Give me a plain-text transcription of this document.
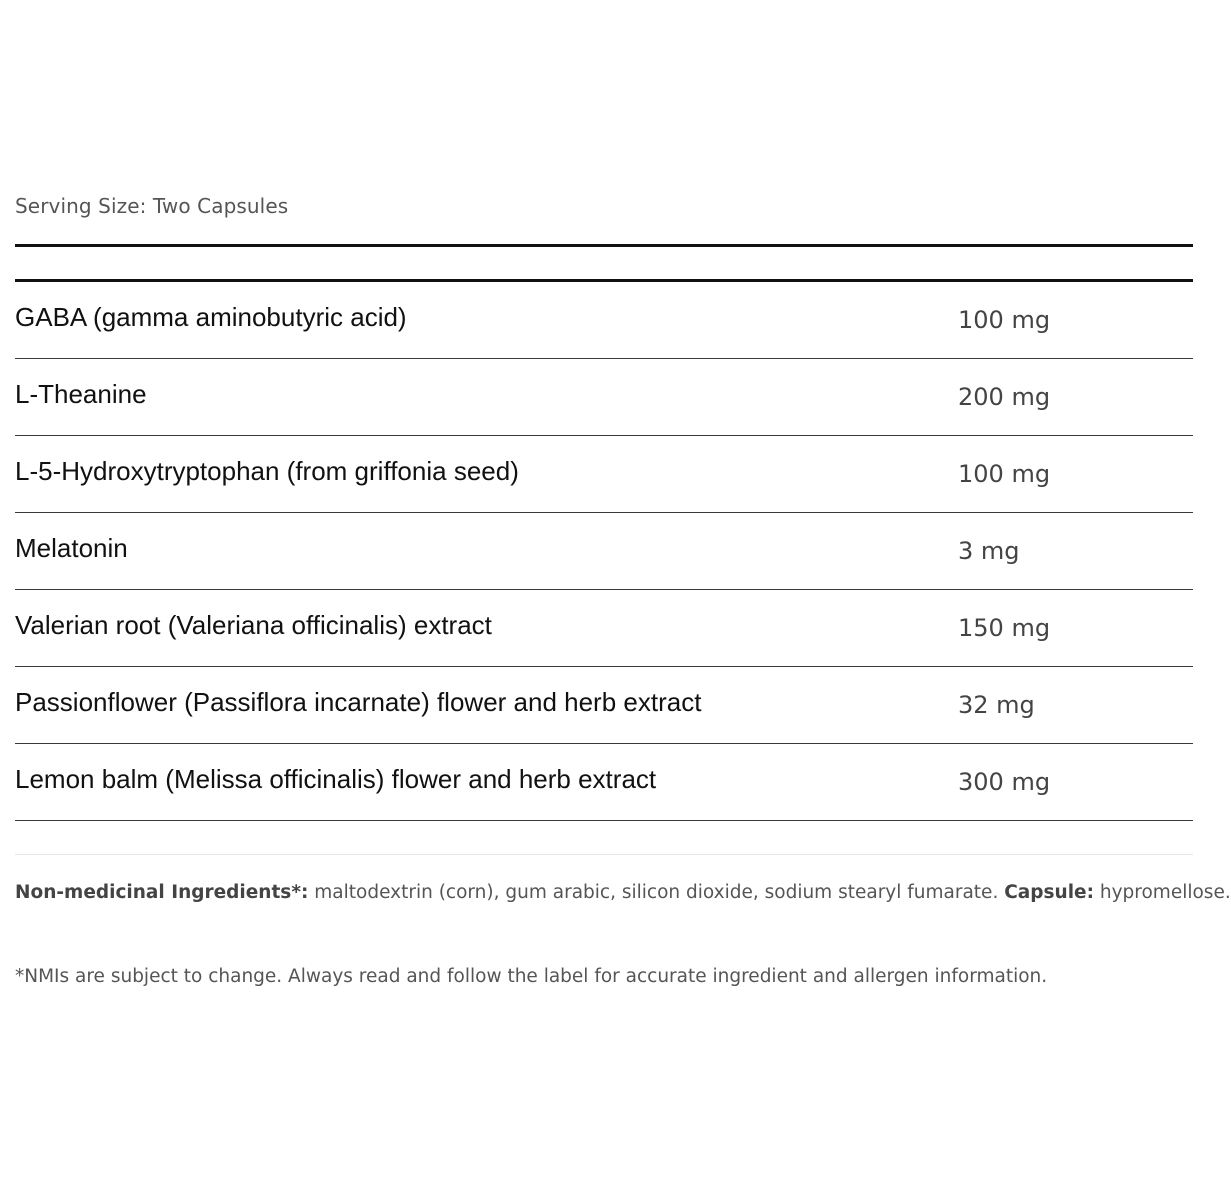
Serving Size: Two Capsules
GABA (gamma aminobutyric acid)	100 mg
L-Theanine	200 mg
L-5-Hydroxytryptophan (from griffonia seed)	100 mg
Melatonin	3 mg
Valerian root (Valeriana officinalis) extract	150 mg
Passionflower (Passiflora incarnate) flower and herb extract	32 mg
Lemon balm (Melissa officinalis) flower and herb extract	300 mg
Non-medicinal Ingredients*: maltodextrin (corn), gum arabic, silicon dioxide, sodium stearyl fumarate. Capsule: hypromellose.
*NMIs are subject to change. Always read and follow the label for accurate ingredient and allergen information.
